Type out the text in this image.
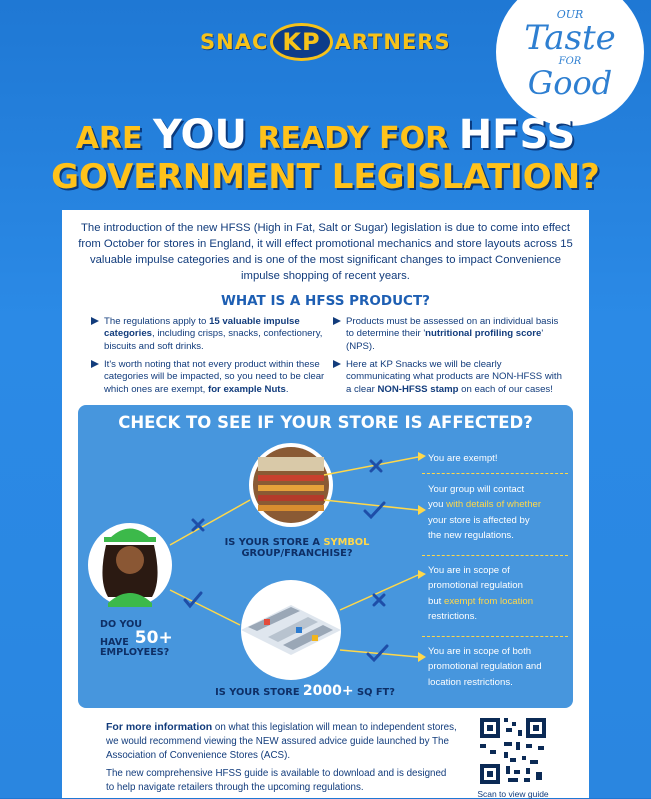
SNAC KP ARTNERS
OUR
Taste
FOR
Good
ARE YOU READY FOR HFSS
GOVERNMENT LEGISLATION?
The introduction of the new HFSS (High in Fat, Salt or Sugar) legislation is due to come into effect from October for stores in England, it will effect promotional mechanics and store layouts across 15 valuable impulse categories and is one of the most significant changes to impact Convenience impulse shopping of recent years.
WHAT IS A HFSS PRODUCT?
The regulations apply to 15 valuable impulse categories, including crisps, snacks, confectionery, biscuits and soft drinks.
It's worth noting that not every product within these categories will be impacted, so you need to be clear which ones are exempt, for example Nuts.
Products must be assessed on an individual basis to determine their 'nutritional profiling score' (NPS).
Here at KP Snacks we will be clearly communicating what products are NON-HFSS with a clear NON-HFSS stamp on each of our cases!
CHECK TO SEE IF YOUR STORE IS AFFECTED?
IS YOUR STORE A SYMBOL
GROUP/FRANCHISE?
DO YOU
HAVE 50+
EMPLOYEES?
IS YOUR STORE 2000+ SQ FT?
You are exempt!
Your group will contact
you with details of whether
your store is affected by
the new regulations.
You are in scope of
promotional regulation
but exempt from location
restrictions.
You are in scope of both
promotional regulation and
location restrictions.
For more information on what this legislation will mean to independent stores, we would recommend viewing the NEW assured advice guide launched by The Association of Convenience Stores (ACS).
The new comprehensive HFSS guide is available to download and is designed to help navigate retailers through the upcoming regulations.
Scan to view guide
